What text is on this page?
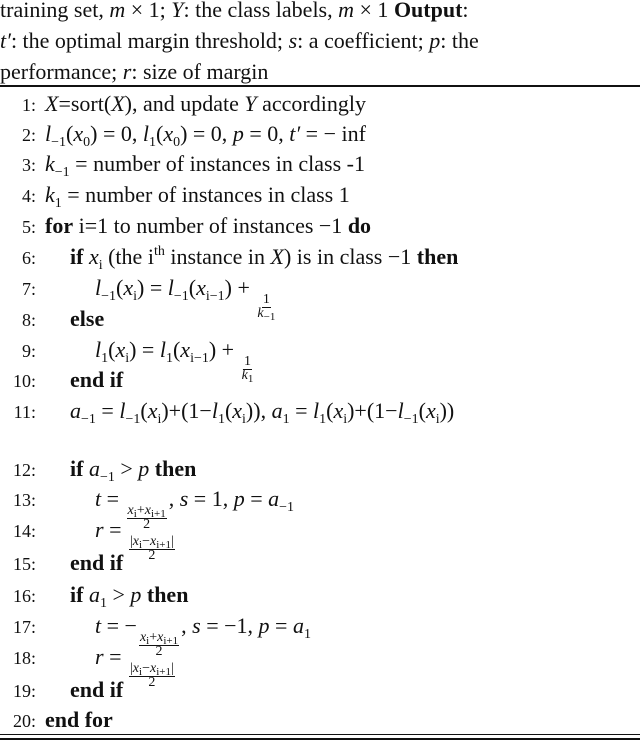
training set, m × 1; Y: the class labels, m × 1 Output:
t′: the optimal margin threshold; s: a coefficient; p: the
performance; r: size of margin
1: X=sort(X), and update Y accordingly
2: $l_{-1}(x_0) = 0$, $l_1(x_0) = 0$, p = 0, t′ = − inf
3: $k_{-1}$ = number of instances in class -1
4: $k_1$ = number of instances in class 1
5: for i=1 to number of instances −1 do
6: if $x_i$ (the $i^{th}$ instance in X) is in class −1 then
7:	$l_{-1}(x_i) = l_{-1}(x_{i-1})$ +
$\frac{1}{k_{-1}}$
8: else
9:	$l_1(x_i) = l_1(x_{i-1})$ +
$\frac{1}{k_1}$
10: end if
11: $a_{-1} = l_{-1}(x_i)+(1-l_1(x_i))$, $a_1 = l_1(x_i)+(1-l_{-1}(x_i))$
12: if $a_{-1} > p$ then
13:	t =
$\frac{x_i+x_{i+1}}{2}$
, s = 1, $p = a_{-1}$
14:	r =
$\frac{|x_i-x_{i+1}|}{2}$
15: end if
16: if $a_1 > p$ then
17:	t = −
$\frac{x_i+x_{i+1}}{2}$
, s = −1, $p = a_1$
18:	r =
$\frac{|x_i-x_{i+1}|}{2}$
19: end if
20: end for
